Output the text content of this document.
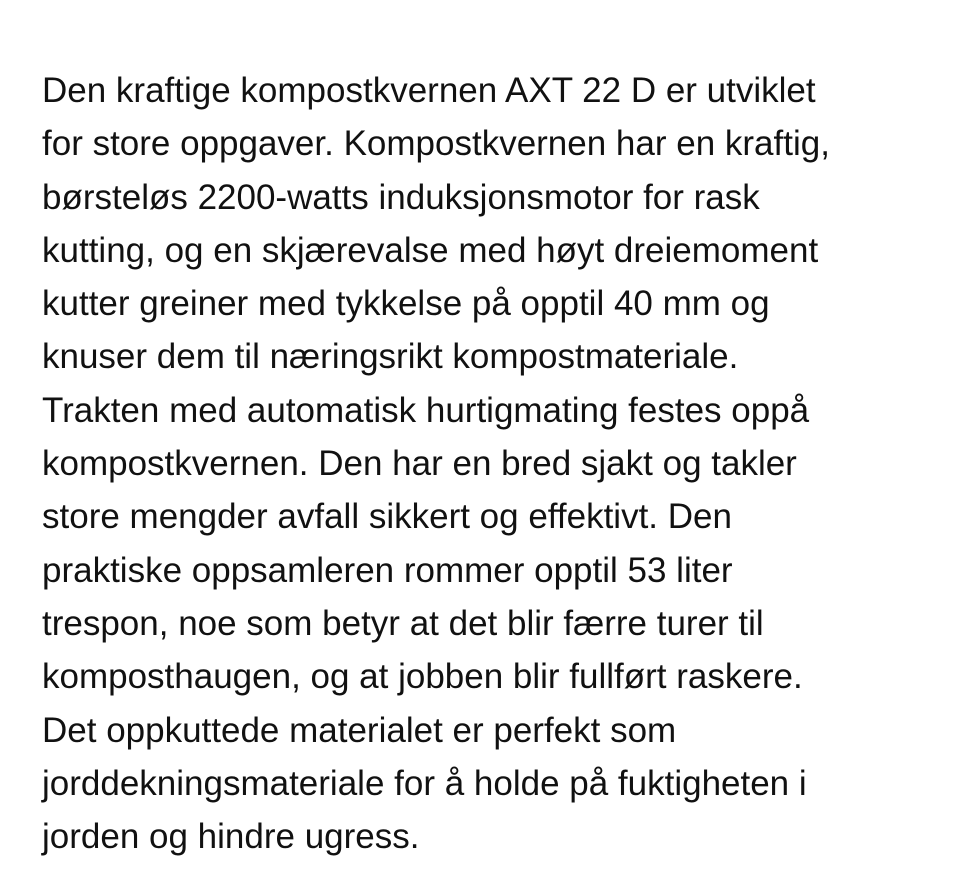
Den kraftige kompostkvernen AXT 22 D er utviklet
for store oppgaver. Kompostkvernen har en kraftig,
børsteløs 2200-watts induksjonsmotor for rask
kutting, og en skjærevalse med høyt dreiemoment
kutter greiner med tykkelse på opptil 40 mm og
knuser dem til næringsrikt kompostmateriale.
Trakten med automatisk hurtigmating festes oppå
kompostkvernen. Den har en bred sjakt og takler
store mengder avfall sikkert og effektivt. Den
praktiske oppsamleren rommer opptil 53 liter
trespon, noe som betyr at det blir færre turer til
komposthaugen, og at jobben blir fullført raskere.
Det oppkuttede materialet er perfekt som
jorddekningsmateriale for å holde på fuktigheten i
jorden og hindre ugress.
